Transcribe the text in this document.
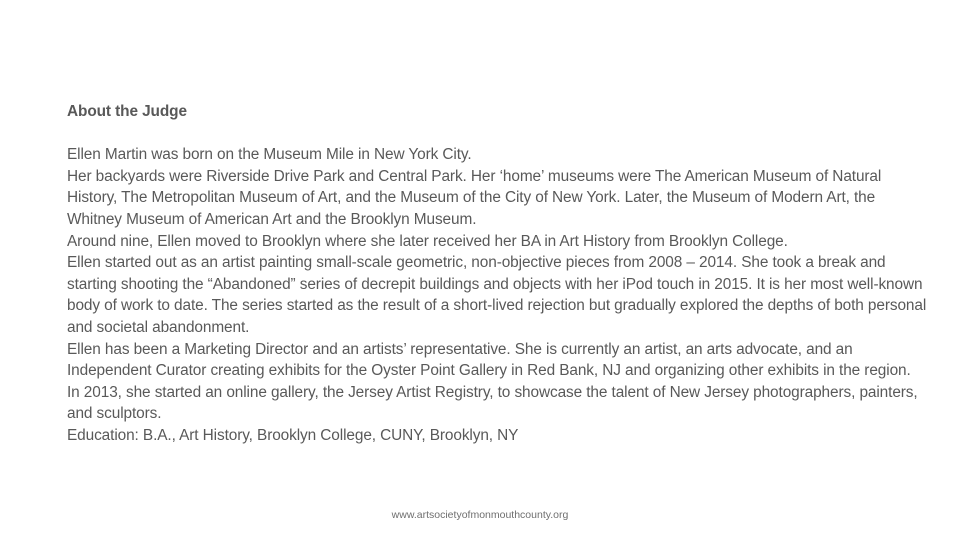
About the Judge

Ellen Martin was born on the Museum Mile in New York City.

Her backyards were Riverside Drive Park and Central Park. Her ‘home’ museums were The American Museum of Natural History, The Metropolitan Museum of Art, and the Museum of the City of New York. Later, the Museum of Modern Art, the Whitney Museum of American Art and the Brooklyn Museum.

Around nine, Ellen moved to Brooklyn where she later received her BA in Art History from Brooklyn College.

Ellen started out as an artist painting small-scale geometric, non-objective pieces from 2008 – 2014. She took a break and starting shooting the “Abandoned” series of decrepit buildings and objects with her iPod touch in 2015. It is her most well-known body of work to date. The series started as the result of a short-lived rejection but gradually explored the depths of both personal and societal abandonment.

Ellen has been a Marketing Director and an artists’ representative. She is currently an artist, an arts advocate, and an Independent Curator creating exhibits for the Oyster Point Gallery in Red Bank, NJ and organizing other exhibits in the region. In 2013, she started an online gallery, the Jersey Artist Registry, to showcase the talent of New Jersey photographers, painters, and sculptors.

Education: B.A., Art History, Brooklyn College, CUNY, Brooklyn, NY

www.artsocietyofmonmouthcounty.org
